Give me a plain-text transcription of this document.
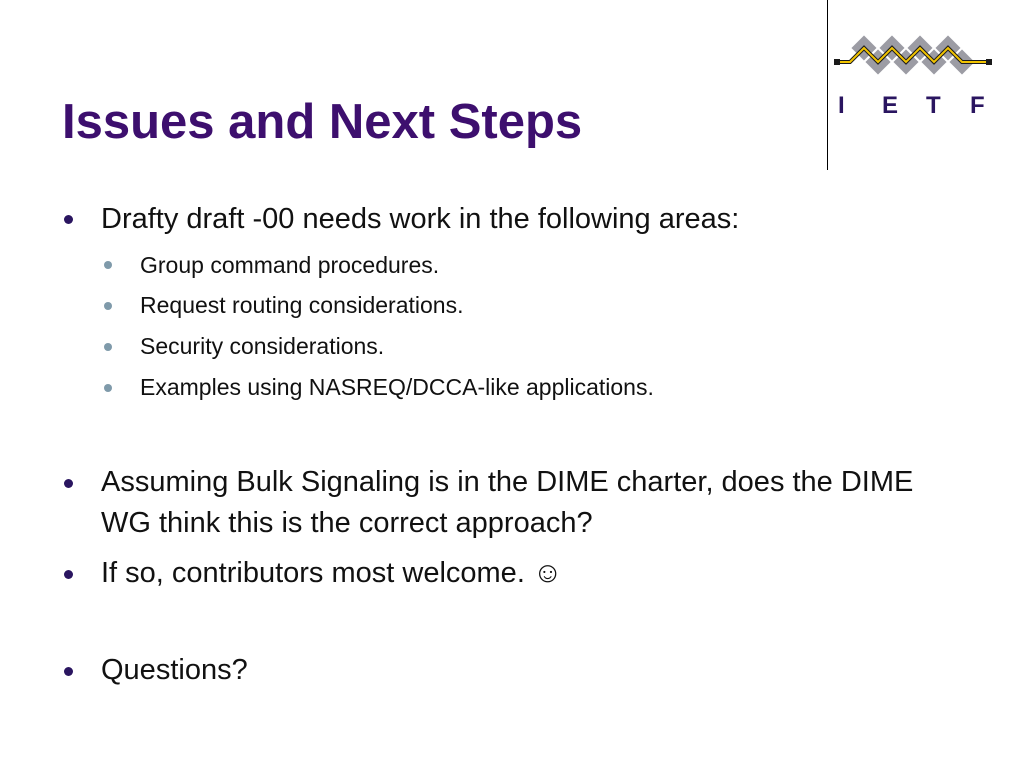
Issues and Next Steps	I E T F
Drafty draft -00 needs work in the following areas:
Group command procedures.
Request routing considerations.
Security considerations.
Examples using NASREQ/DCCA-like applications.
Assuming Bulk Signaling is in the DIME charter, does the DIME WG think this is the correct approach?
If so, contributors most welcome. ☺
Questions?
